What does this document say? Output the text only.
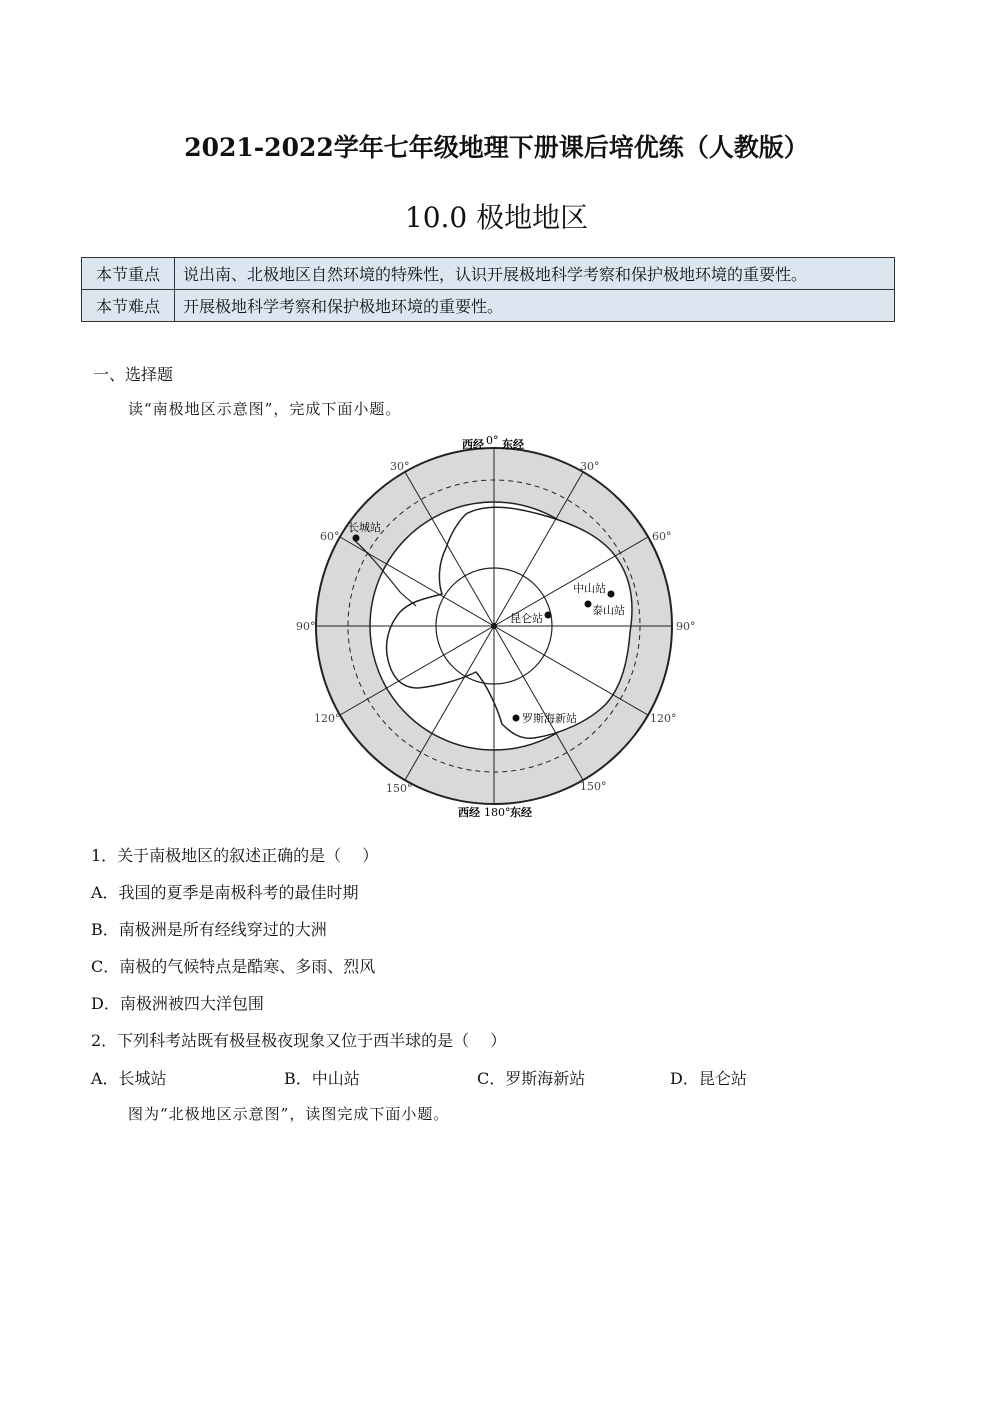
2021-2022学年七年级地理下册课后培优练（人教版）
10.0 极地地区
本节重点	说出南、北极地区自然环境的特殊性，认识开展极地科学考察和保护极地环境的重要性。
本节难点	开展极地科学考察和保护极地环境的重要性。
一、选择题
读“南极地区示意图”，完成下面小题。
西经 0° 东经
西经 180° 东经
30°	30°
60°	60°
90°	90°
120°	120°
150°	150°
长城站
中山站
泰山站
昆仑站
罗斯海新站
1．关于南极地区的叙述正确的是（　 ）
A．我国的夏季是南极科考的最佳时期
B．南极洲是所有经线穿过的大洲
C．南极的气候特点是酷寒、多雨、烈风
D．南极洲被四大洋包围
2．下列科考站既有极昼极夜现象又位于西半球的是（　 ）
A．长城站	B．中山站	C．罗斯海新站	D．昆仑站
图为“北极地区示意图”，读图完成下面小题。
